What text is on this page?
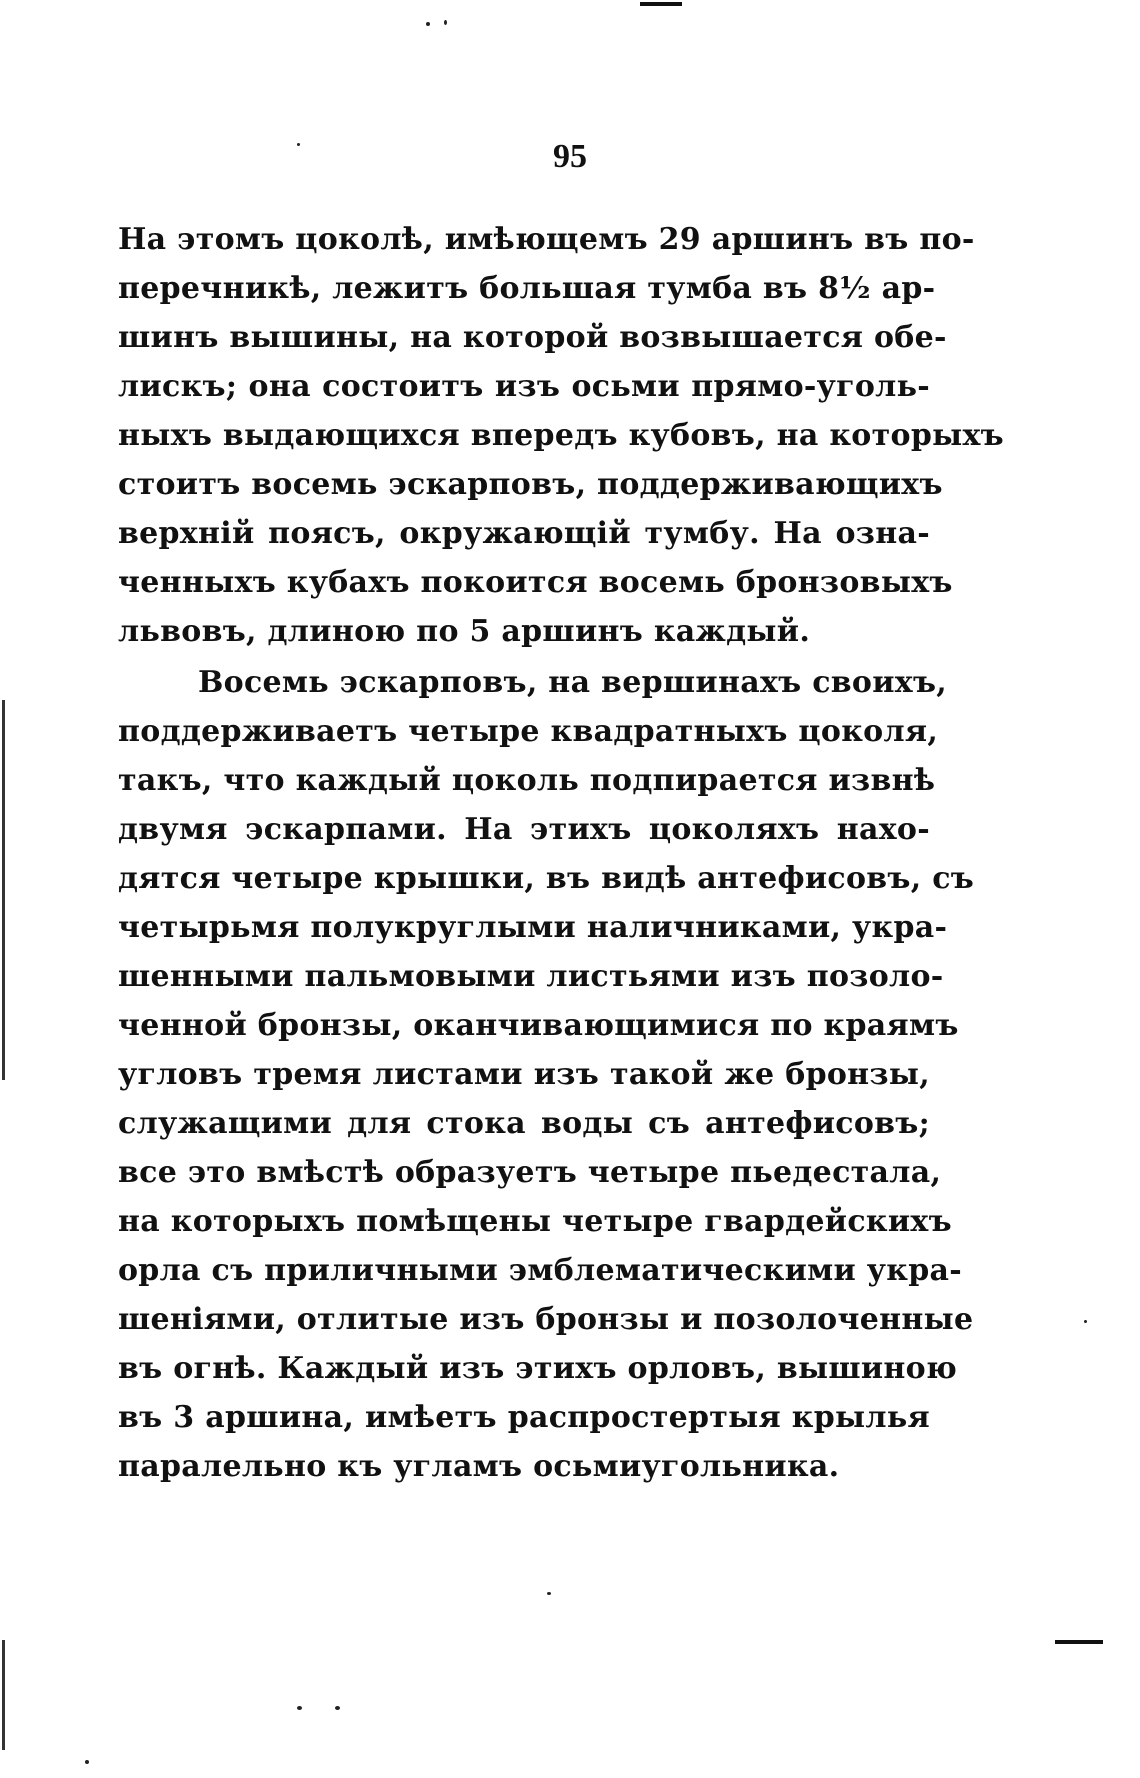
95
На этомъ цоколѣ, имѣющемъ 29 аршинъ въ по-
перечникѣ, лежитъ большая тумба въ 8½ ар-
шинъ вышины, на которой возвышается обе-
лискъ; она состоитъ изъ осьми прямо-уголь-
ныхъ выдающихся впередъ кубовъ, на которыхъ
стоитъ восемь эскарповъ, поддерживающихъ
верхній поясъ, окружающій тумбу. На озна-
ченныхъ кубахъ покоится восемь бронзовыхъ
львовъ, длиною по 5 аршинъ каждый.
Восемь эскарповъ, на вершинахъ своихъ,
поддерживаетъ четыре квадратныхъ цоколя,
такъ, что каждый цоколь подпирается извнѣ
двумя эскарпами. На этихъ цоколяхъ нахо-
дятся четыре крышки, въ видѣ антефисовъ, съ
четырьмя полукруглыми наличниками, укра-
шенными пальмовыми листьями изъ позоло-
ченной бронзы, оканчивающимися по краямъ
угловъ тремя листами изъ такой же бронзы,
служащими для стока воды съ антефисовъ;
все это вмѣстѣ образуетъ четыре пьедестала,
на которыхъ помѣщены четыре гвардейскихъ
орла съ приличными эмблематическими укра-
шеніями, отлитые изъ бронзы и позолоченные
въ огнѣ. Каждый изъ этихъ орловъ, вышиною
въ 3 аршина, имѣетъ распростертыя крылья
паралельно къ угламъ осьмиугольника.
